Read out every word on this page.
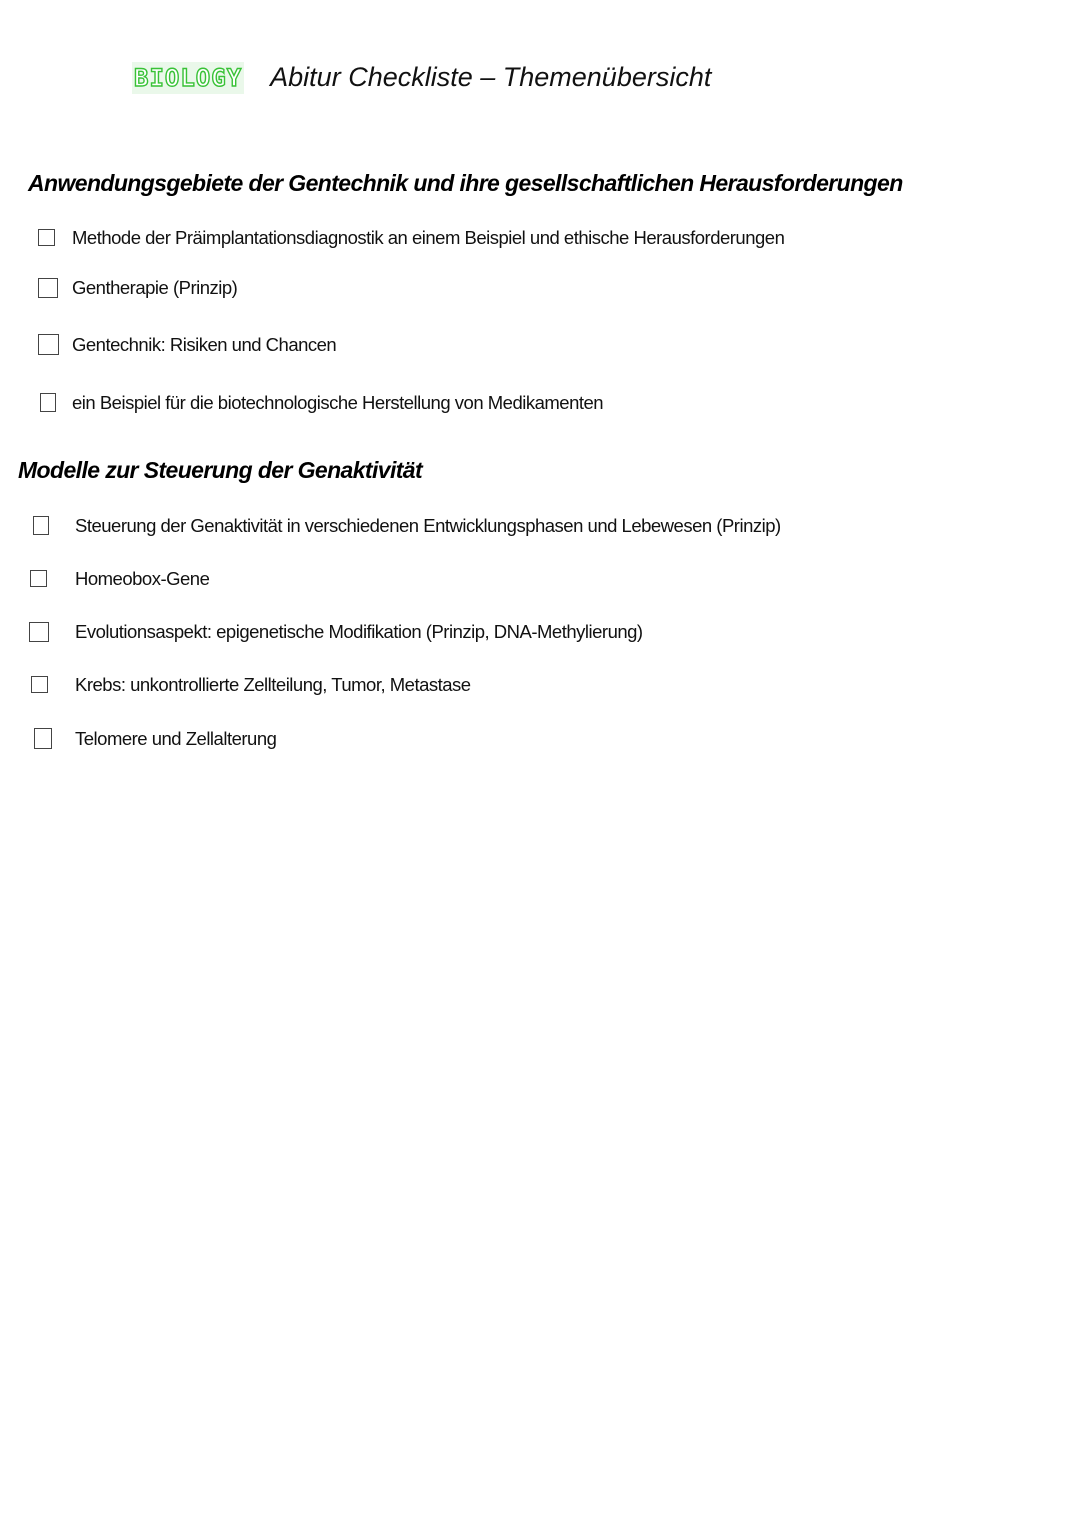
BIOLOGY Abitur Checkliste – Themenübersicht
Anwendungsgebiete der Gentechnik und ihre gesellschaftlichen Herausforderungen
Methode der Präimplantationsdiagnostik an einem Beispiel und ethische Herausforderungen
Gentherapie (Prinzip)
Gentechnik: Risiken und Chancen
ein Beispiel für die biotechnologische Herstellung von Medikamenten
Modelle zur Steuerung der Genaktivität
Steuerung der Genaktivität in verschiedenen Entwicklungsphasen und Lebewesen (Prinzip)
Homeobox-Gene
Evolutionsaspekt: epigenetische Modifikation (Prinzip, DNA-Methylierung)
Krebs: unkontrollierte Zellteilung, Tumor, Metastase
Telomere und Zellalterung
